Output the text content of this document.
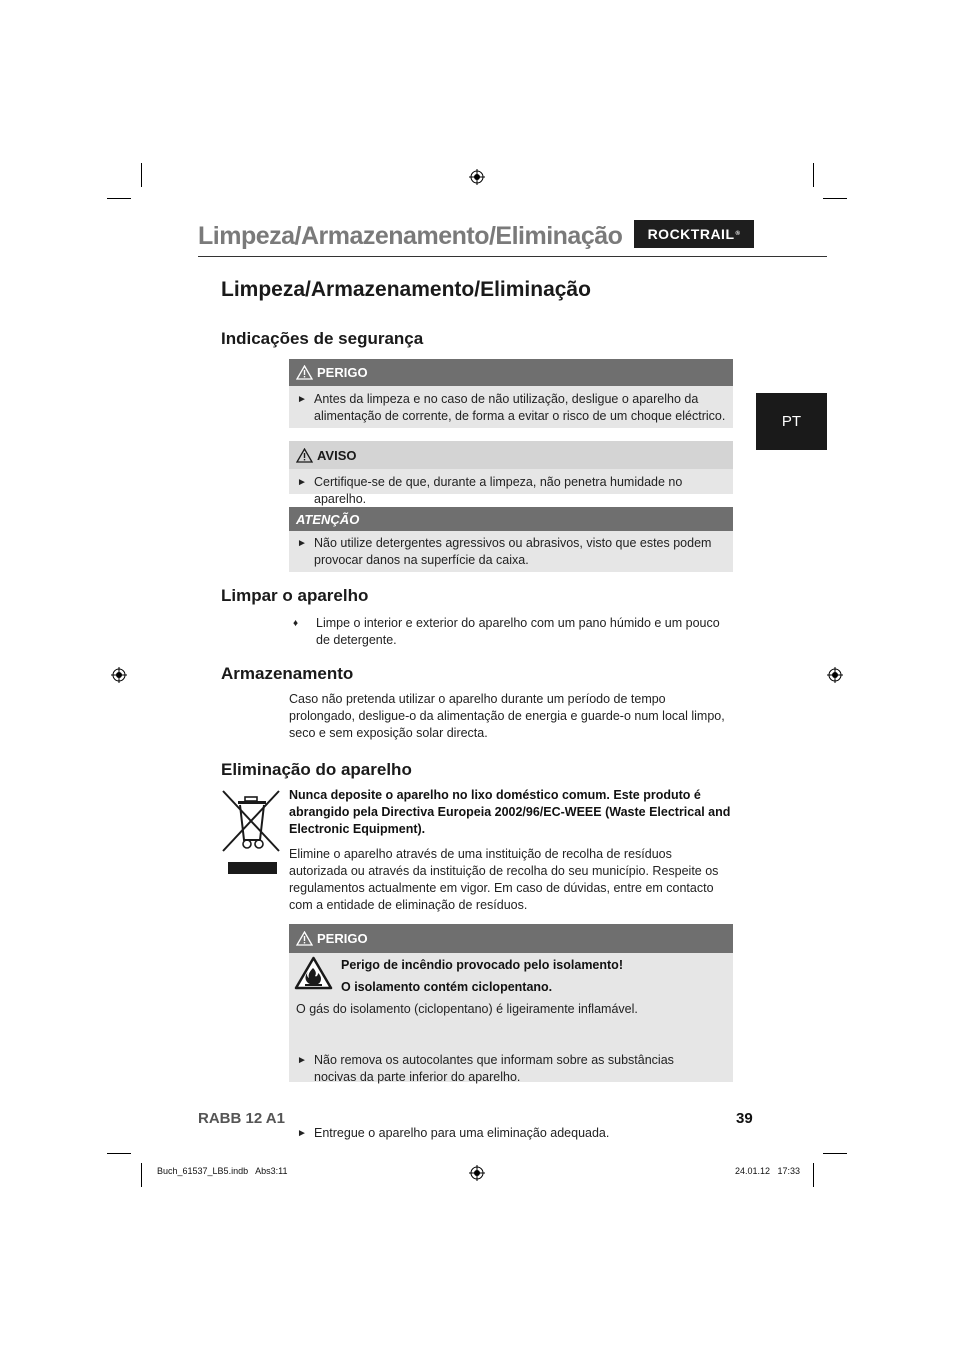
Limpeza/Armazenamento/Eliminação ROCKTRAIL ®
PT
Limpeza/Armazenamento/Eliminação
Indicações de segurança
PERIGO
► Antes da limpeza e no caso de não utilização, desligue o aparelho da alimentação de corrente, de forma a evitar o risco de um choque eléctrico.
AVISO
► Certifique-se de que, durante a limpeza, não penetra humidade no aparelho.
ATENÇÃO
► Não utilize detergentes agressivos ou abrasivos, visto que estes podem provocar danos na superfície da caixa.
Limpar o aparelho
♦ Limpe o interior e exterior do aparelho com um pano húmido e um pouco de detergente.
Armazenamento
Caso não pretenda utilizar o aparelho durante um período de tempo prolongado, desligue-o da alimentação de energia e guarde-o num local limpo, seco e sem exposição solar directa.
Eliminação do aparelho
Nunca deposite o aparelho no lixo doméstico comum. Este produto é abrangido pela Directiva Europeia 2002/96/EC-WEEE (Waste Electrical and Electronic Equipment).
Elimine o aparelho através de uma instituição de recolha de resíduos autorizada ou através da instituição de recolha do seu município. Respeite os regulamentos actualmente em vigor. Em caso de dúvidas, entre em contacto com a entidade de eliminação de resíduos.
PERIGO
Perigo de incêndio provocado pelo isolamento!
O isolamento contém ciclopentano.
O gás do isolamento (ciclopentano) é ligeiramente inflamável.
► Não remova os autocolantes que informam sobre as substâncias nocivas da parte inferior do aparelho.
► Entregue o aparelho para uma eliminação adequada.
RABB 12 A1	39
Buch_61537_LB5.indb   Abs3:11	24.01.12   17:33
